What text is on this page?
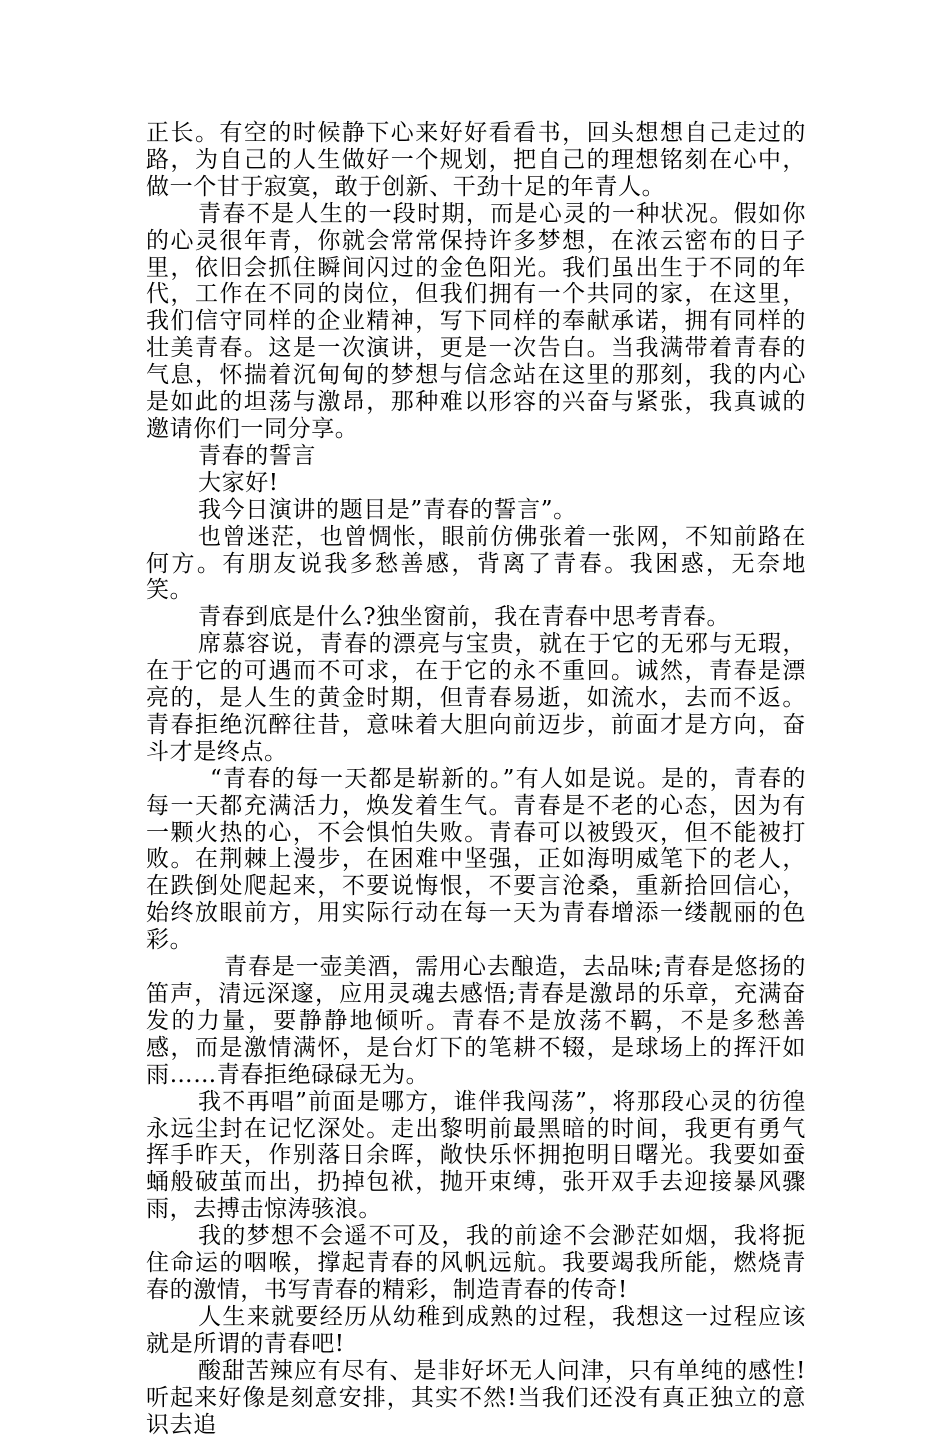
正长。有空的时候静下心来好好看看书，回头想想自己走过的路，为自己的人生做好一个规划，把自己的理想铭刻在心中，做一个甘于寂寞，敢于创新、干劲十足的年青人。

青春不是人生的一段时期，而是心灵的一种状况。假如你的心灵很年青，你就会常常保持许多梦想，在浓云密布的日子里，依旧会抓住瞬间闪过的金色阳光。我们虽出生于不同的年代，工作在不同的岗位，但我们拥有一个共同的家，在这里，我们信守同样的企业精神，写下同样的奉献承诺，拥有同样的壮美青春。这是一次演讲，更是一次告白。当我满带着青春的气息，怀揣着沉甸甸的梦想与信念站在这里的那刻，我的内心是如此的坦荡与激昂，那种难以形容的兴奋与紧张，我真诚的邀请你们一同分享。

青春的誓言

大家好!

我今日演讲的题目是”青春的誓言”。

也曾迷茫，也曾惆怅，眼前仿佛张着一张网，不知前路在何方。有朋友说我多愁善感，背离了青春。我困惑，无奈地笑。

青春到底是什么?独坐窗前，我在青春中思考青春。

席慕容说，青春的漂亮与宝贵，就在于它的无邪与无瑕，在于它的可遇而不可求，在于它的永不重回。诚然，青春是漂亮的，是人生的黄金时期，但青春易逝，如流水，去而不返。青春拒绝沉醉往昔，意味着大胆向前迈步，前面才是方向，奋斗才是终点。

“青春的每一天都是崭新的。”有人如是说。是的，青春的每一天都充满活力，焕发着生气。青春是不老的心态，因为有一颗火热的心，不会惧怕失败。青春可以被毁灭，但不能被打败。在荆棘上漫步，在困难中坚强，正如海明威笔下的老人，在跌倒处爬起来，不要说悔恨，不要言沧桑，重新拾回信心，始终放眼前方，用实际行动在每一天为青春增添一缕靓丽的色彩。

青春是一壶美酒，需用心去酿造，去品味;青春是悠扬的笛声，清远深邃，应用灵魂去感悟;青春是激昂的乐章，充满奋发的力量，要静静地倾听。青春不是放荡不羁，不是多愁善感，而是激情满怀，是台灯下的笔耕不辍，是球场上的挥汗如雨……青春拒绝碌碌无为。

我不再唱”前面是哪方，谁伴我闯荡”，将那段心灵的彷徨永远尘封在记忆深处。走出黎明前最黑暗的时间，我更有勇气挥手昨天，作别落日余晖，敞快乐怀拥抱明日曙光。我要如蚕蛹般破茧而出，扔掉包袱，抛开束缚，张开双手去迎接暴风骤雨，去搏击惊涛骇浪。

我的梦想不会遥不可及，我的前途不会渺茫如烟，我将扼住命运的咽喉，撑起青春的风帆远航。我要竭我所能，燃烧青春的激情，书写青春的精彩，制造青春的传奇!

人生来就要经历从幼稚到成熟的过程，我想这一过程应该就是所谓的青春吧!

酸甜苦辣应有尽有、是非好坏无人问津，只有单纯的感性!听起来好像是刻意安排，其实不然!当我们还没有真正独立的意识去追
